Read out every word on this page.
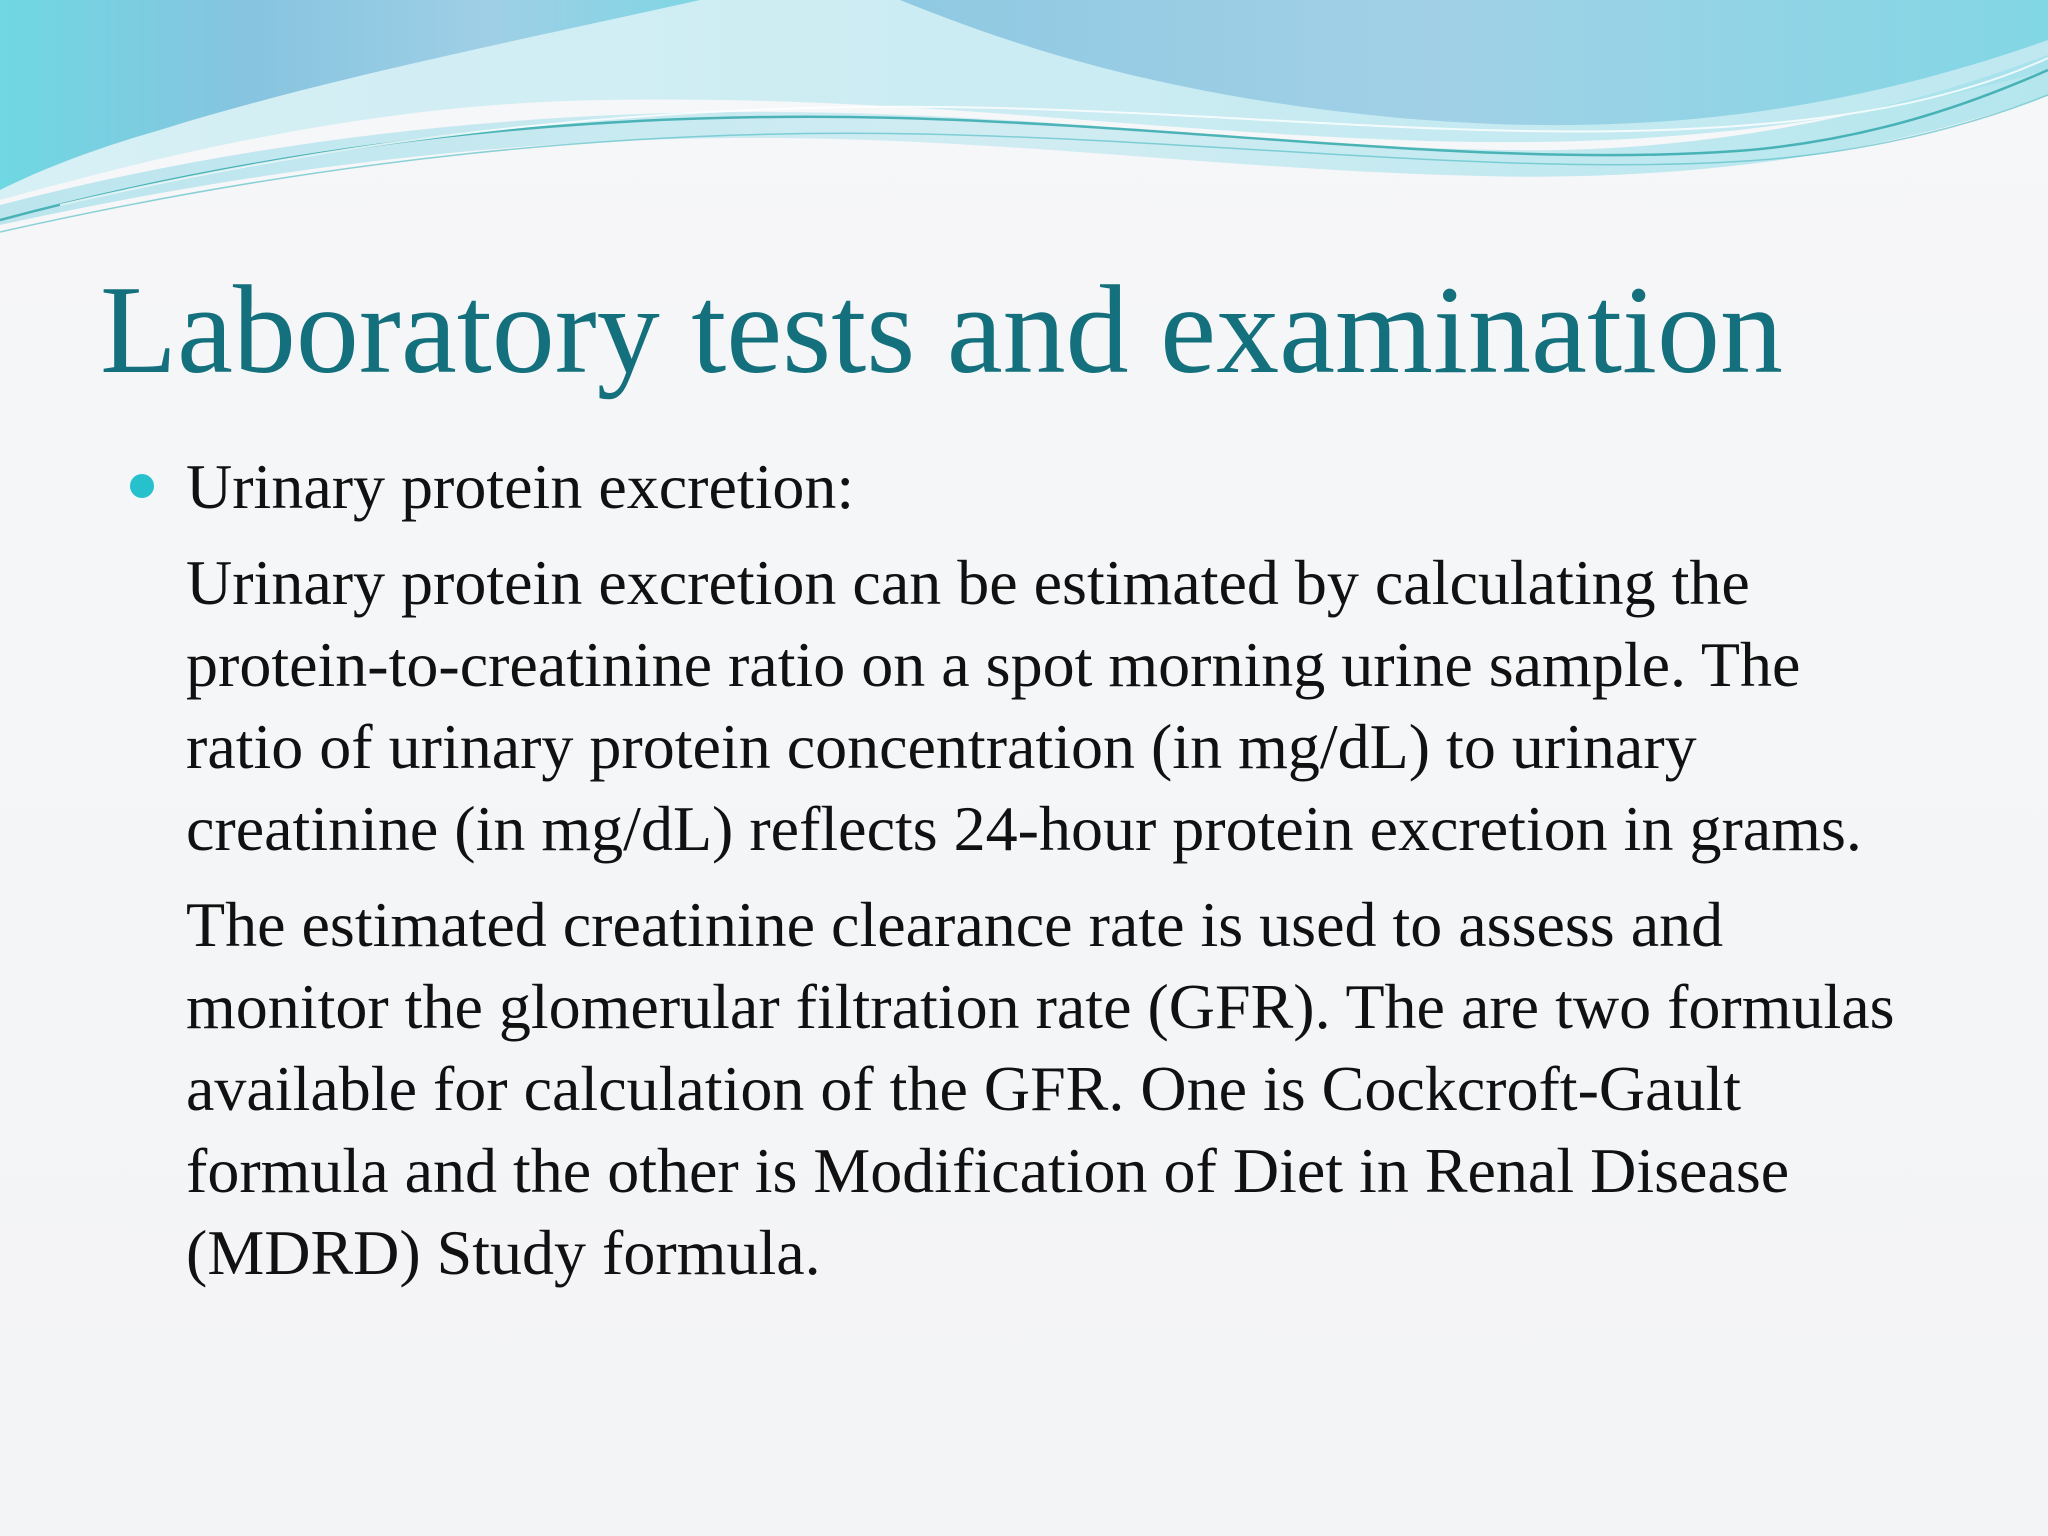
Laboratory tests and examination
Urinary protein excretion:

Urinary protein excretion can be estimated by calculating the protein-to-creatinine ratio on a spot morning urine sample. The ratio of urinary protein concentration (in mg/dL) to urinary creatinine (in mg/dL) reflects 24-hour protein excretion in grams.

The estimated creatinine clearance rate is used to assess and monitor the glomerular filtration rate (GFR). The are two formulas available for calculation of the GFR. One is Cockcroft-Gault formula and the other is Modification of Diet in Renal Disease (MDRD) Study formula.
